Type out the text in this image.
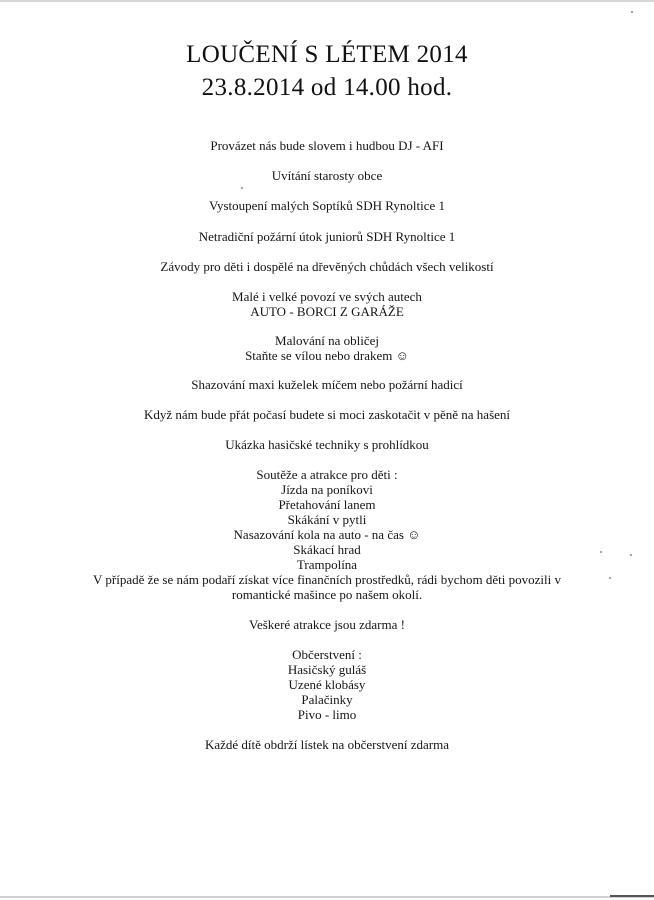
LOUČENÍ S LÉTEM 2014
23.8.2014 od 14.00 hod.
Provázet nás bude slovem i hudbou DJ - AFI
Uvítání starosty obce
Vystoupení malých Soptíků SDH Rynoltice 1
Netradiční požární útok juniorů SDH Rynoltice 1
Závody pro děti i dospělé na dřevěných chůdách všech velikostí
Malé i velké povozí ve svých autech
AUTO - BORCI Z GARÁŽE
Malování na obličej
Staňte se vílou nebo drakem ☺
Shazování maxi kuželek míčem nebo požární hadicí
Když nám bude přát počasí budete si moci zaskotačit v pěně na hašení
Ukázka hasičské techniky s prohlídkou
Soutěže a atrakce pro děti :
Jízda na poníkovi
Přetahování lanem
Skákání v pytli
Nasazování kola na auto - na čas ☺
Skákací hrad
Trampolína
V případě že se nám podaří získat více finančních prostředků, rádi bychom děti povozili v
romantické mašince po našem okolí.
Veškeré atrakce jsou zdarma !
Občerstvení :
Hasičský guláš
Uzené klobásy
Palačinky
Pivo - limo
Každé dítě obdrží lístek na občerstvení zdarma
